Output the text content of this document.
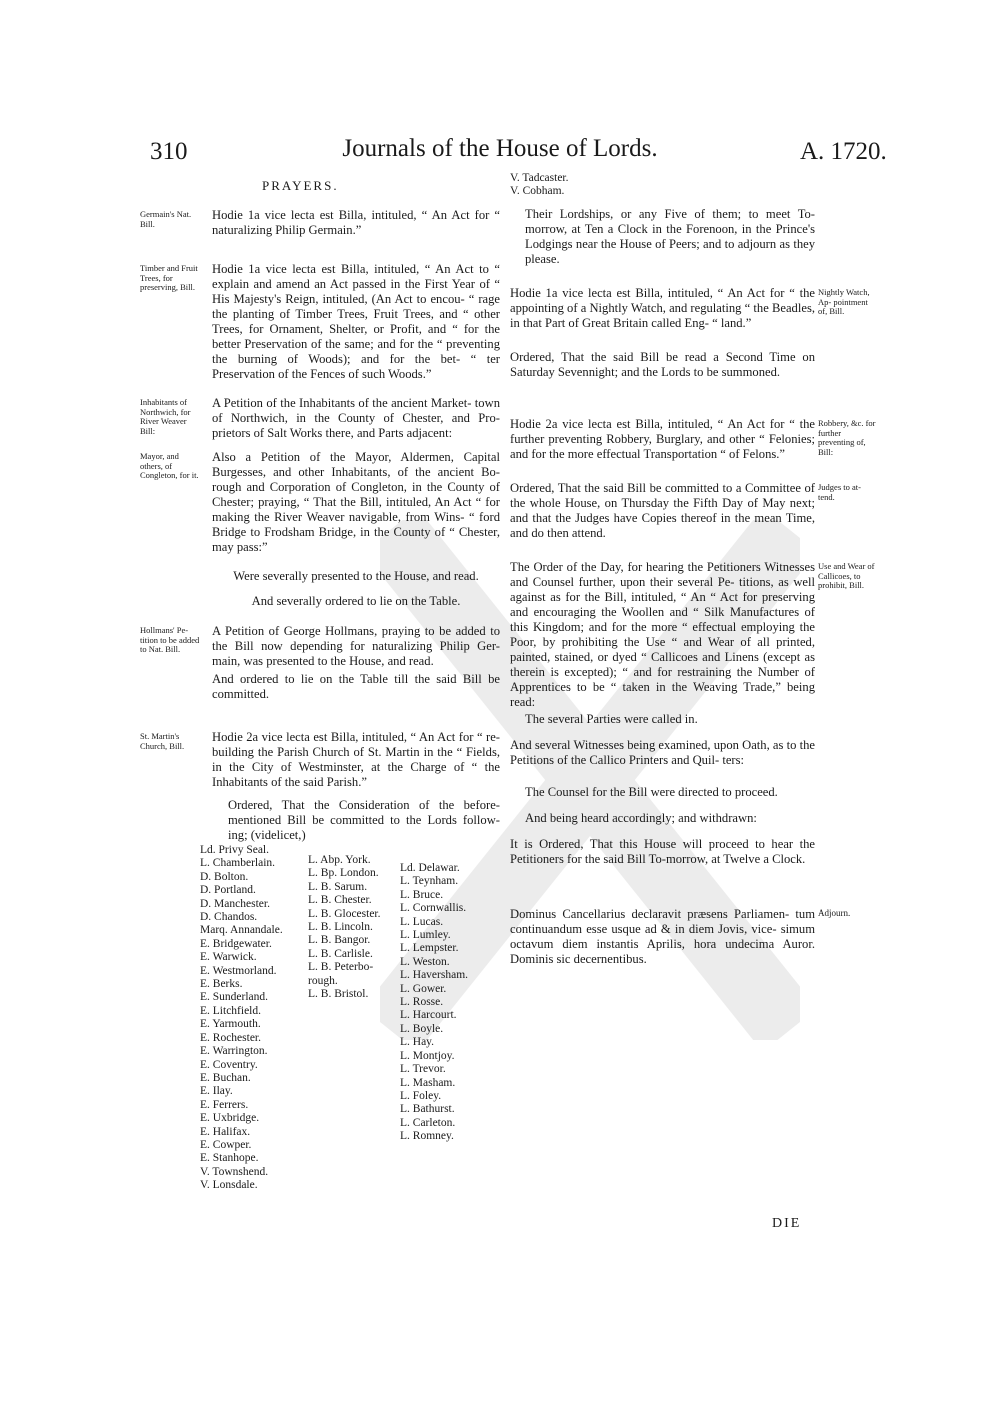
310	Journals of the House of Lords.	A. 1720.
PRAYERS.
Germain's Nat. Bill.
Hodie 1a vice lecta est Billa, intituled, “ An Act for “ naturalizing Philip Germain.”
Timber and Fruit Trees, for preserving, Bill.
Hodie 1a vice lecta est Billa, intituled, “ An Act to “ explain and amend an Act passed in the First Year of “ His Majesty's Reign, intituled, (An Act to encou- “ rage the planting of Timber Trees, Fruit Trees, and “ other Trees, for Ornament, Shelter, or Profit, and “ for the better Preservation of the same; and for the “ preventing the burning of Woods); and for the bet- “ ter Preservation of the Fences of such Woods.”
Inhabitants of Northwich, for River Weaver Bill:
A Petition of the Inhabitants of the ancient Market- town of Northwich, in the County of Chester, and Pro- prietors of Salt Works there, and Parts adjacent:
Mayor, and others, of Congleton, for it.
Also a Petition of the Mayor, Aldermen, Capital Burgesses, and other Inhabitants, of the ancient Bo- rough and Corporation of Congleton, in the County of Chester; praying, “ That the Bill, intituled, An Act “ for making the River Weaver navigable, from Wins- “ ford Bridge to Frodsham Bridge, in the County of “ Chester, may pass:”
Were severally presented to the House, and read.
And severally ordered to lie on the Table.
Hollmans' Pe- tition to be added to Nat. Bill.
A Petition of George Hollmans, praying to be added to the Bill now depending for naturalizing Philip Ger- main, was presented to the House, and read.
And ordered to lie on the Table till the said Bill be committed.
St. Martin's Church, Bill.
Hodie 2a vice lecta est Billa, intituled, “ An Act for “ re-building the Parish Church of St. Martin in the “ Fields, in the City of Westminster, at the Charge of “ the Inhabitants of the said Parish.”
Ordered, That the Consideration of the before- mentioned Bill be committed to the Lords follow- ing; (videlicet,)
Ld. Privy Seal.
L. Chamberlain.
D. Bolton.
D. Portland.
D. Manchester.
D. Chandos.
Marq. Annandale.
E. Bridgewater.
E. Warwick.
E. Westmorland.
E. Berks.
E. Sunderland.
E. Litchfield.
E. Yarmouth.
E. Rochester.
E. Warrington.
E. Coventry.
E. Buchan.
E. Ilay.
E. Ferrers.
E. Uxbridge.
E. Halifax.
E. Cowper.
E. Stanhope.
V. Townshend.
V. Lonsdale.
L. Abp. York.
L. Bp. London.
L. B. Sarum.
L. B. Chester.
L. B. Glocester.
L. B. Lincoln.
L. B. Bangor.
L. B. Carlisle.
L. B. Peterbo-
rough.
L. B. Bristol.
Ld. Delawar.
L. Teynham.
L. Bruce.
L. Cornwallis.
L. Lucas.
L. Lumley.
L. Lempster.
L. Weston.
L. Haversham.
L. Gower.
L. Rosse.
L. Harcourt.
L. Boyle.
L. Hay.
L. Montjoy.
L. Trevor.
L. Masham.
L. Foley.
L. Bathurst.
L. Carleton.
L. Romney.
V. Tadcaster.
V. Cobham.
Their Lordships, or any Five of them; to meet To-morrow, at Ten a Clock in the Forenoon, in the Prince's Lodgings near the House of Peers; and to adjourn as they please.
Hodie 1a vice lecta est Billa, intituled, “ An Act for “ the appointing of a Nightly Watch, and regulating “ the Beadles, in that Part of Great Britain called Eng- “ land.”
Nightly Watch, Ap- pointment of, Bill.
Ordered, That the said Bill be read a Second Time on Saturday Sevennight; and the Lords to be summoned.
Hodie 2a vice lecta est Billa, intituled, “ An Act for “ the further preventing Robbery, Burglary, and other “ Felonies; and for the more effectual Transportation “ of Felons.”
Robbery, &c. for further preventing of, Bill:
Ordered, That the said Bill be committed to a Committee of the whole House, on Thursday the Fifth Day of May next; and that the Judges have Copies thereof in the mean Time, and do then attend.
Judges to at- tend.
The Order of the Day, for hearing the Petitioners Witnesses and Counsel further, upon their several Pe- titions, as well against as for the Bill, intituled, “ An “ Act for preserving and encouraging the Woollen and “ Silk Manufactures of this Kingdom; and for the more “ effectual employing the Poor, by prohibiting the Use “ and Wear of all printed, painted, stained, or dyed “ Callicoes and Linens (except as therein is excepted); “ and for restraining the Number of Apprentices to be “ taken in the Weaving Trade,” being read:
Use and Wear of Callicoes, to prohibit, Bill.
The several Parties were called in.
And several Witnesses being examined, upon Oath, as to the Petitions of the Callico Printers and Quil- ters:
The Counsel for the Bill were directed to proceed.
And being heard accordingly; and withdrawn:
It is Ordered, That this House will proceed to hear the Petitioners for the said Bill To-morrow, at Twelve a Clock.
Dominus Cancellarius declaravit præsens Parliamen- tum continuandum esse usque ad & in diem Jovis, vice- simum octavum diem instantis Aprilis, hora undecima Auror. Dominis sic decernentibus.
Adjourn.
DIE
